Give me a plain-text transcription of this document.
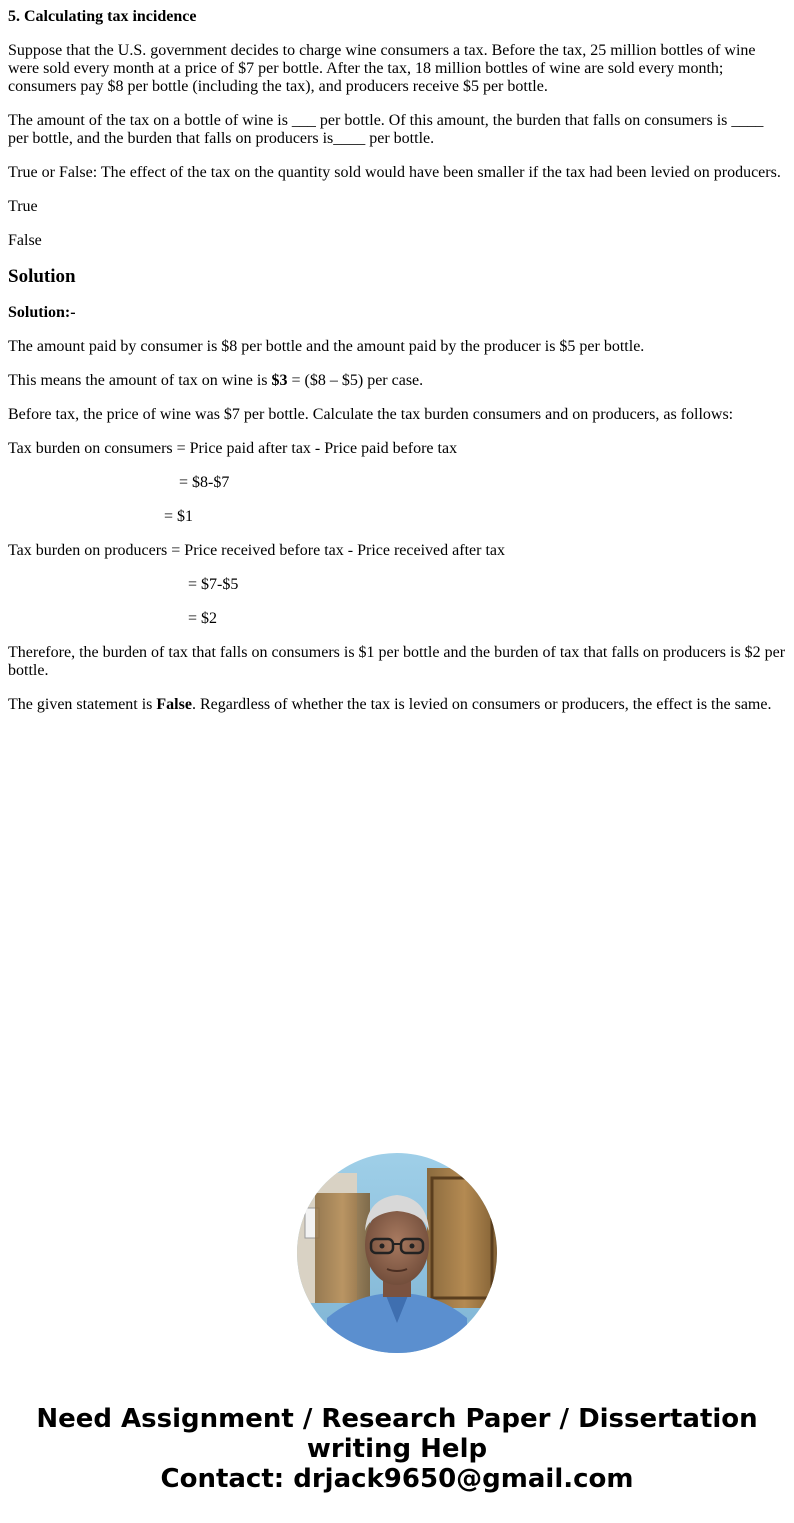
5. Calculating tax incidence

Suppose that the U.S. government decides to charge wine consumers a tax. Before the tax, 25 million bottles of wine were sold every month at a price of $7 per bottle. After the tax, 18 million bottles of wine are sold every month; consumers pay $8 per bottle (including the tax), and producers receive $5 per bottle.

The amount of the tax on a bottle of wine is ___ per bottle. Of this amount, the burden that falls on consumers is ____ per bottle, and the burden that falls on producers is____ per bottle.

True or False: The effect of the tax on the quantity sold would have been smaller if the tax had been levied on producers.

True

False

Solution

Solution:-

The amount paid by consumer is $8 per bottle and the amount paid by the producer is $5 per bottle.

This means the amount of tax on wine is $3 = ($8 – $5) per case.

Before tax, the price of wine was $7 per bottle. Calculate the tax burden consumers and on producers, as follows:

Tax burden on consumers = Price paid after tax - Price paid before tax

= $8-$7

= $1

Tax burden on producers = Price received before tax - Price received after tax

= $7-$5

= $2

Therefore, the burden of tax that falls on consumers is $1 per bottle and the burden of tax that falls on producers is $2 per bottle.

The given statement is False. Regardless of whether the tax is levied on consumers or producers, the effect is the same.

Need Assignment / Research Paper / Dissertation
writing Help
Contact: drjack9650@gmail.com
